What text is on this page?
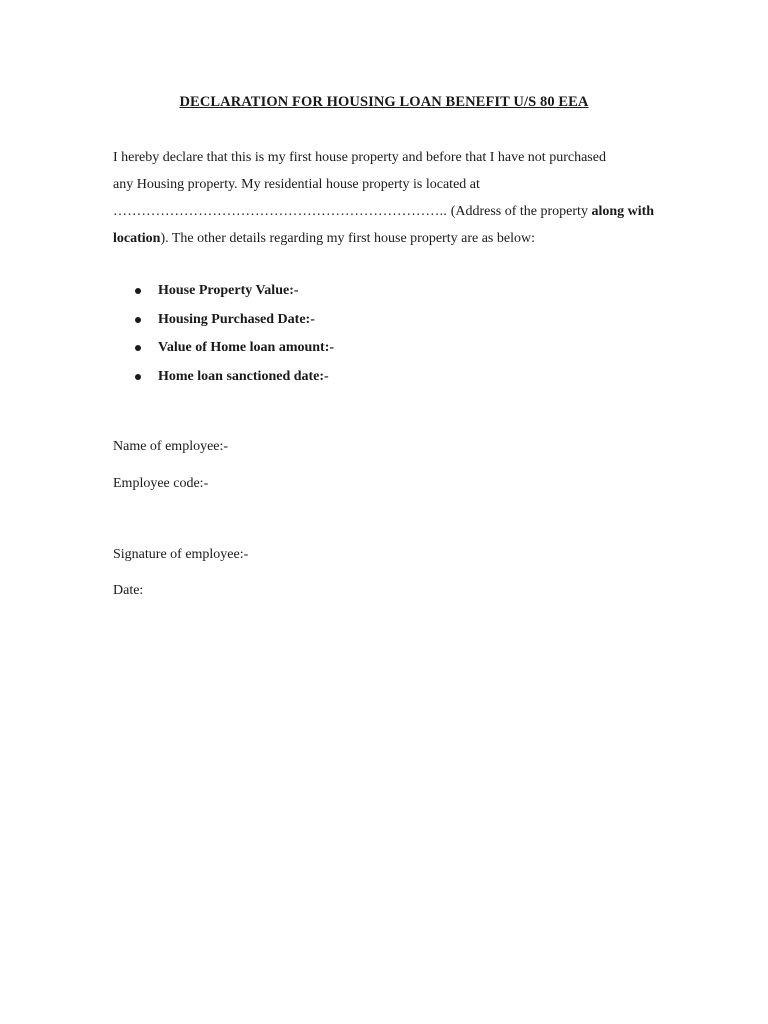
DECLARATION FOR HOUSING LOAN BENEFIT U/S 80 EEA

I hereby declare that this is my first house property and before that I have not purchased
any Housing property. My residential house property is located at
…………………………………………………………….. (Address of the property along with
location). The other details regarding my first house property are as below:

House Property Value:-
Housing Purchased Date:-
Value of Home loan amount:-
Home loan sanctioned date:-

Name of employee:-

Employee code:-

Signature of employee:-

Date:
